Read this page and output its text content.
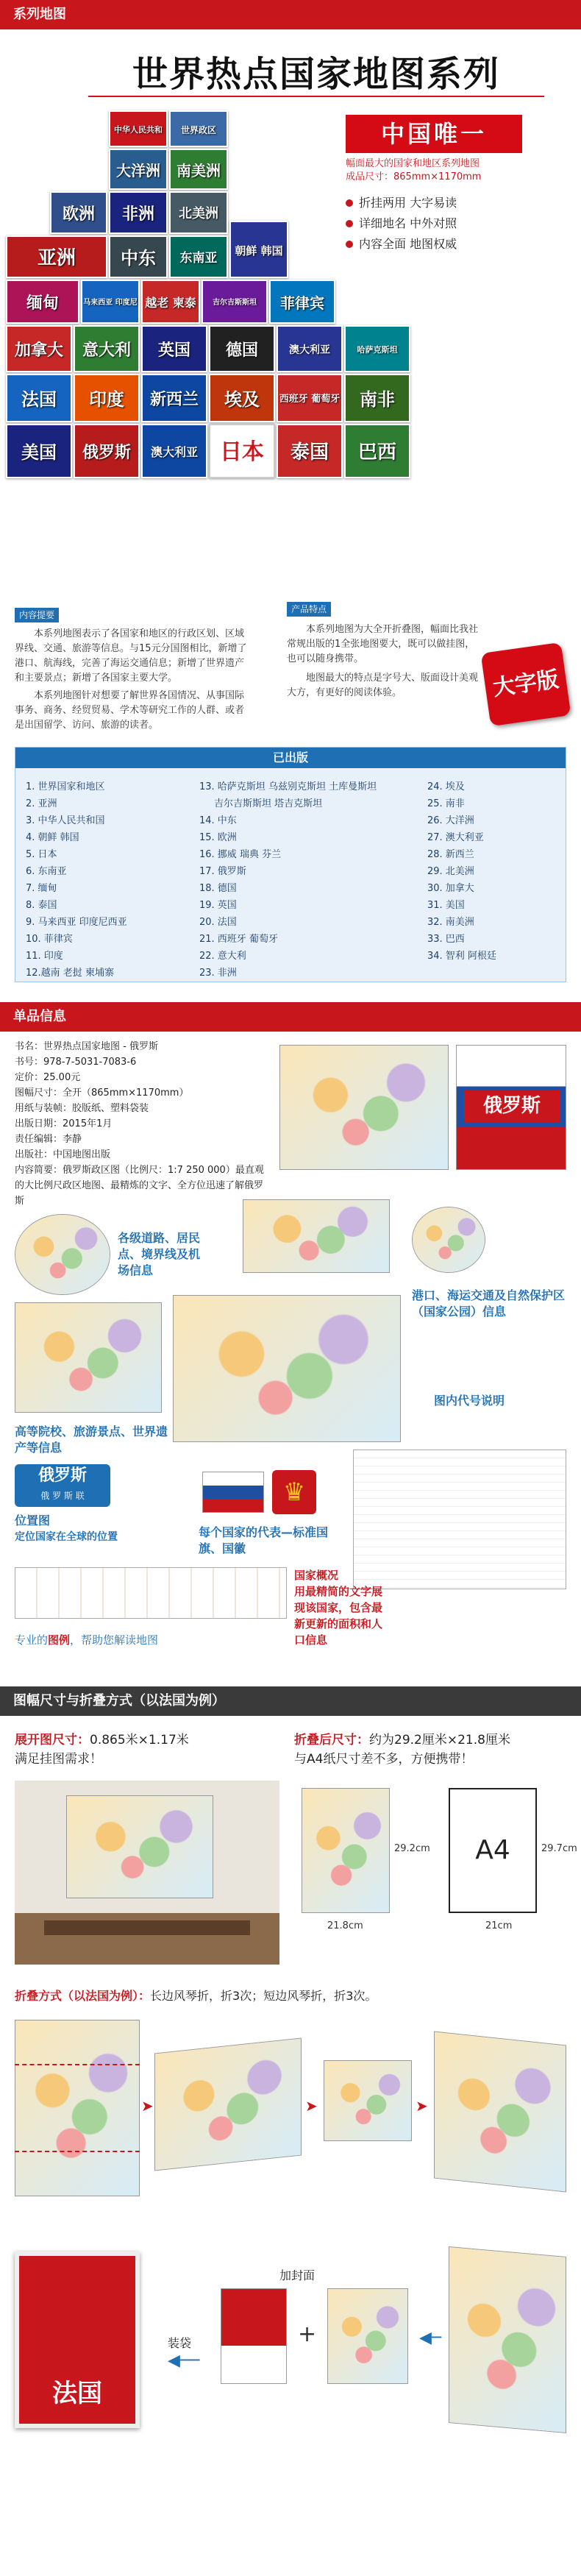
系列地图
世界热点国家地图系列
中华人民共和	世界政区
大洋洲	南美洲
欧洲	非洲	北美洲
亚洲	中东	东南亚	朝鲜 韩国
缅甸	马来西亚 印度尼 越老 柬泰	吉尔吉斯斯坦	菲律宾
加拿大	意大利	英国	德国	澳大利亚	哈萨克斯坦
法国	印度	新西兰	埃及	西班牙 葡萄牙	南非
美国	俄罗斯	澳大利亚	日本	泰国	巴西
中国唯一
幅面最大的国家和地区系列地图
成品尺寸：865mm×1170mm
折挂两用 大字易读
详细地名 中外对照
内容全面 地图权威
内容提要
本系列地图表示了各国家和地区的行政区划、区域界线、交通、旅游等信息。与15元分国图相比，新增了港口、航海线，完善了海运交通信息；新增了世界遗产和主要景点；新增了各国家主要大学。
本系列地图针对想要了解世界各国情况、从事国际事务、商务、经贸贸易、学术等研究工作的人群、或者是出国留学、访问、旅游的读者。
产品特点
本系列地图为大全开折叠图，幅面比我社常规出版的1全张地图要大，既可以做挂图，也可以随身携带。
地图最大的特点是字号大、版面设计美观大方，有更好的阅读体验。	大字版
已出版
1. 世界国家和地区
2. 亚洲
3. 中华人民共和国
4. 朝鲜 韩国
5. 日本
6. 东南亚
7. 缅甸
8. 泰国
9. 马来西亚 印度尼西亚
10. 菲律宾
11. 印度
12.越南 老挝 柬埔寨
13. 哈萨克斯坦 乌兹别克斯坦 土库曼斯坦
吉尔吉斯斯坦 塔吉克斯坦
14. 中东
15. 欧洲
16. 挪威 瑞典 芬兰
17. 俄罗斯
18. 德国
19. 英国
20. 法国
21. 西班牙 葡萄牙
22. 意大利
23. 非洲
24. 埃及
25. 南非
26. 大洋洲
27. 澳大利亚
28. 新西兰
29. 北美洲
30. 加拿大
31. 美国
32. 南美洲
33. 巴西
34. 智利 阿根廷
单品信息
书名：世界热点国家地图 - 俄罗斯
书号：978-7-5031-7083-6
定价：25.00元
图幅尺寸：全开（865mm×1170mm）
用纸与装帧：胶版纸、塑料袋装
出版日期：2015年1月
责任编辑：李静
出版社：中国地图出版
内容简要：俄罗斯政区图（比例尺：1:7 250 000）最直观的大比例尺政区地图、最精炼的文字、全方位迅速了解俄罗斯
俄罗斯
各级道路、居民点、境界线及机场信息
港口、海运交通及自然保护区（国家公园）信息
高等院校、旅游景点、世界遗产等信息
图内代号说明
俄罗斯
俄 罗 斯 联
位置图
定位国家在全球的位置
♛
每个国家的代表—标准国旗、国徽
国家概况
用最精简的文字展现该国家，包含最新更新的面积和人口信息
专业的图例，帮助您解读地图
图幅尺寸与折叠方式（以法国为例）
展开图尺寸：0.865米×1.17米
满足挂图需求！
折叠后尺寸：约为29.2厘米×21.8厘米
与A4纸尺寸差不多，方便携带！
29.2cm
21.8cm
A4	29.7cm
21cm
折叠方式（以法国为例）：长边风琴折，折3次；短边风琴折，折3次。
➤	➤	➤
法国
装袋
◀──
加封面
+	◀─
